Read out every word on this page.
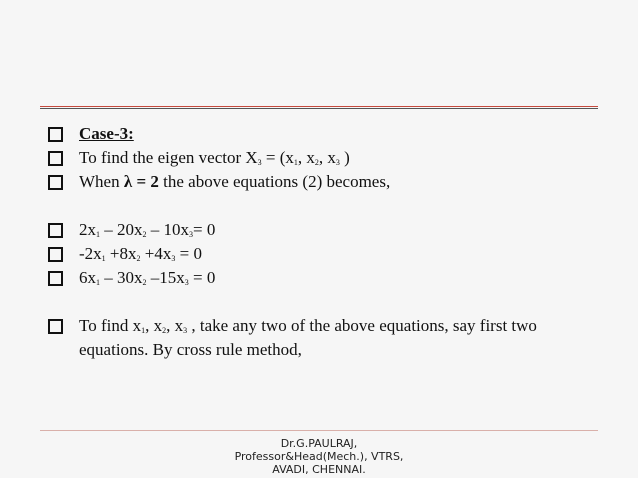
Case-3:
To find the eigen vector $X_3 = (x_1$, $x_2$, $x_3$ )
When λ = 2 the above equations (2) becomes,
$2x_1 - 20x_2 - 10x_3= 0$
$-2x_1 +8x_2 +4x_3 = 0$
$6x_1 - 30x_2$ $-15x_3 = 0$
To find $x_1$, $x_2$, $x_3$ , take any two of the above equations, say first two equations. By cross rule method,
Dr.G.PAULRAJ,
Professor&Head(Mech.), VTRS,
AVADI, CHENNAI.
